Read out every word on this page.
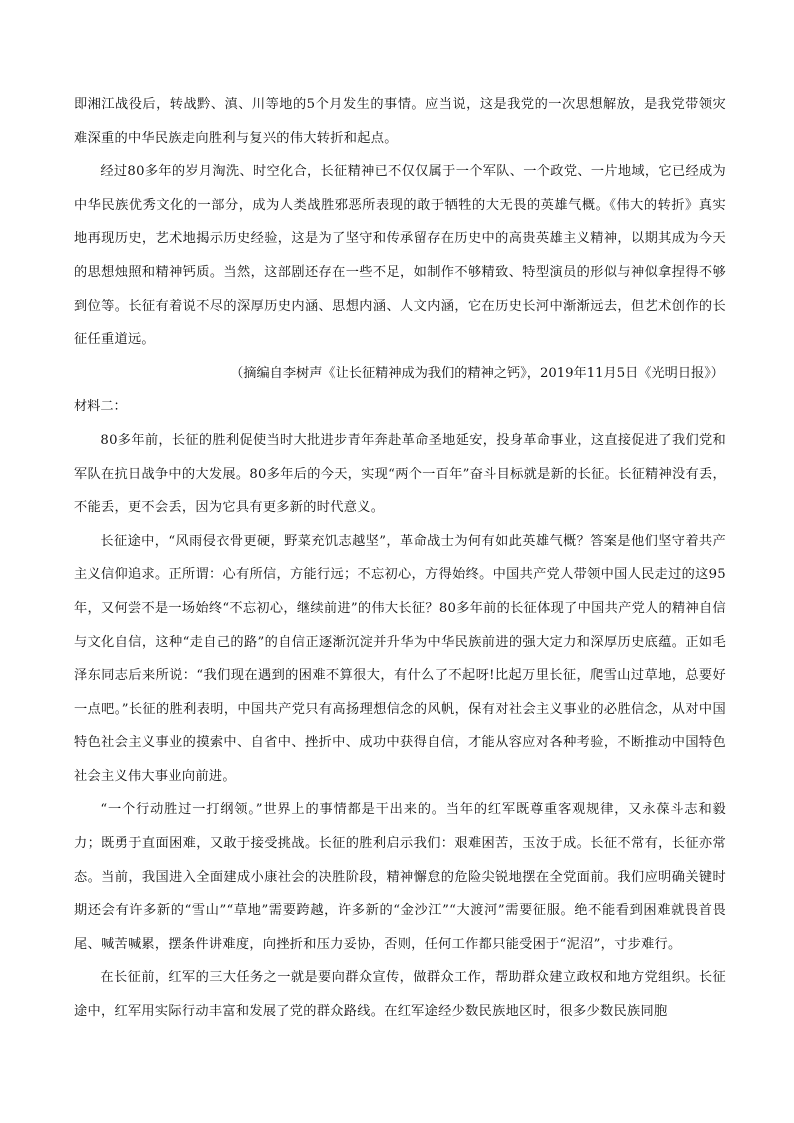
即湘江战役后，转战黔、滇、川等地的5个月发生的事情。应当说，这是我党的一次思想解放，是我党带领灾难深重的中华民族走向胜利与复兴的伟大转折和起点。

经过80多年的岁月淘洗、时空化合，长征精神已不仅仅属于一个军队、一个政党、一片地域，它已经成为中华民族优秀文化的一部分，成为人类战胜邪恶所表现的敢于牺牲的大无畏的英雄气概。《伟大的转折》真实地再现历史，艺术地揭示历史经验，这是为了坚守和传承留存在历史中的高贵英雄主义精神，以期其成为今天的思想烛照和精神钙质。当然，这部剧还存在一些不足，如制作不够精致、特型演员的形似与神似拿捏得不够到位等。长征有着说不尽的深厚历史内涵、思想内涵、人文内涵，它在历史长河中渐渐远去，但艺术创作的长征任重道远。

（摘编自李树声《让长征精神成为我们的精神之钙》，2019年11月5日《光明日报》）

材料二：

80多年前，长征的胜利促使当时大批进步青年奔赴革命圣地延安，投身革命事业，这直接促进了我们党和军队在抗日战争中的大发展。80多年后的今天，实现“两个一百年”奋斗目标就是新的长征。长征精神没有丢，不能丢，更不会丢，因为它具有更多新的时代意义。

长征途中，“风雨侵衣骨更硬，野菜充饥志越坚”，革命战士为何有如此英雄气概？答案是他们坚守着共产主义信仰追求。正所谓：心有所信，方能行远；不忘初心，方得始终。中国共产党人带领中国人民走过的这95年，又何尝不是一场始终“不忘初心，继续前进”的伟大长征？80多年前的长征体现了中国共产党人的精神自信与文化自信，这种“走自己的路”的自信正逐渐沉淀并升华为中华民族前进的强大定力和深厚历史底蕴。正如毛泽东同志后来所说：“我们现在遇到的困难不算很大，有什么了不起呀!比起万里长征，爬雪山过草地，总要好一点吧。”长征的胜利表明，中国共产党只有高扬理想信念的风帆，保有对社会主义事业的必胜信念，从对中国特色社会主义事业的摸索中、自省中、挫折中、成功中获得自信，才能从容应对各种考验，不断推动中国特色社会主义伟大事业向前进。

“一个行动胜过一打纲领。”世界上的事情都是干出来的。当年的红军既尊重客观规律，又永葆斗志和毅力；既勇于直面困难，又敢于接受挑战。长征的胜利启示我们：艰难困苦，玉汝于成。长征不常有，长征亦常态。当前，我国进入全面建成小康社会的决胜阶段，精神懈怠的危险尖锐地摆在全党面前。我们应明确关键时期还会有许多新的“雪山”“草地”需要跨越，许多新的“金沙江”“大渡河”需要征服。绝不能看到困难就畏首畏尾、喊苦喊累，摆条件讲难度，向挫折和压力妥协，否则，任何工作都只能受困于“泥沼”，寸步难行。

在长征前，红军的三大任务之一就是要向群众宣传，做群众工作，帮助群众建立政权和地方党组织。长征途中，红军用实际行动丰富和发展了党的群众路线。在红军途经少数民族地区时，很多少数民族同胞
